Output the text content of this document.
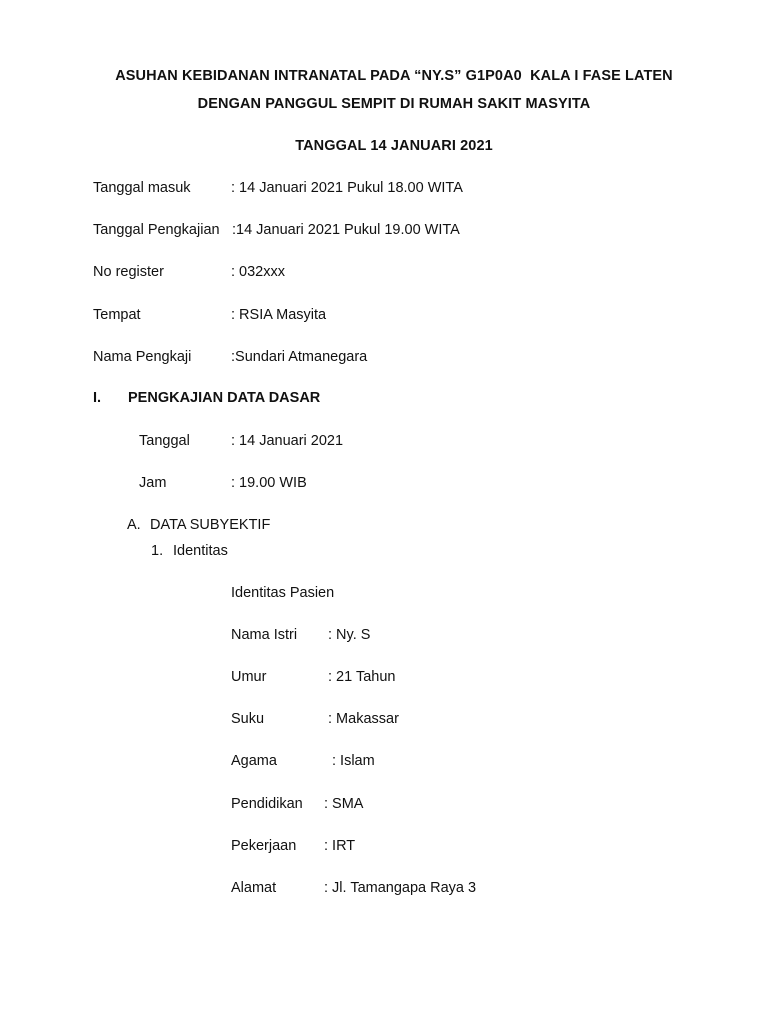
ASUHAN KEBIDANAN INTRANATAL PADA “NY.S” G1P0A0  KALA I FASE LATEN
DENGAN PANGGUL SEMPIT DI RUMAH SAKIT MASYITA
TANGGAL 14 JANUARI 2021
Tanggal masuk	: 14 Januari 2021 Pukul 18.00 WITA
Tanggal Pengkajian :14 Januari 2021 Pukul 19.00 WITA
No register	: 032xxx
Tempat	: RSIA Masyita
Nama Pengkaji	:Sundari Atmanegara
I. PENGKAJIAN DATA DASAR
Tanggal	: 14 Januari 2021
Jam	: 19.00 WIB
A. DATA SUBYEKTIF
1. Identitas
Identitas Pasien
Nama Istri : Ny. S
Umur	: 21 Tahun
Suku	: Makassar
Agama	: Islam
Pendidikan : SMA
Pekerjaan : IRT
Alamat	: Jl. Tamangapa Raya 3
